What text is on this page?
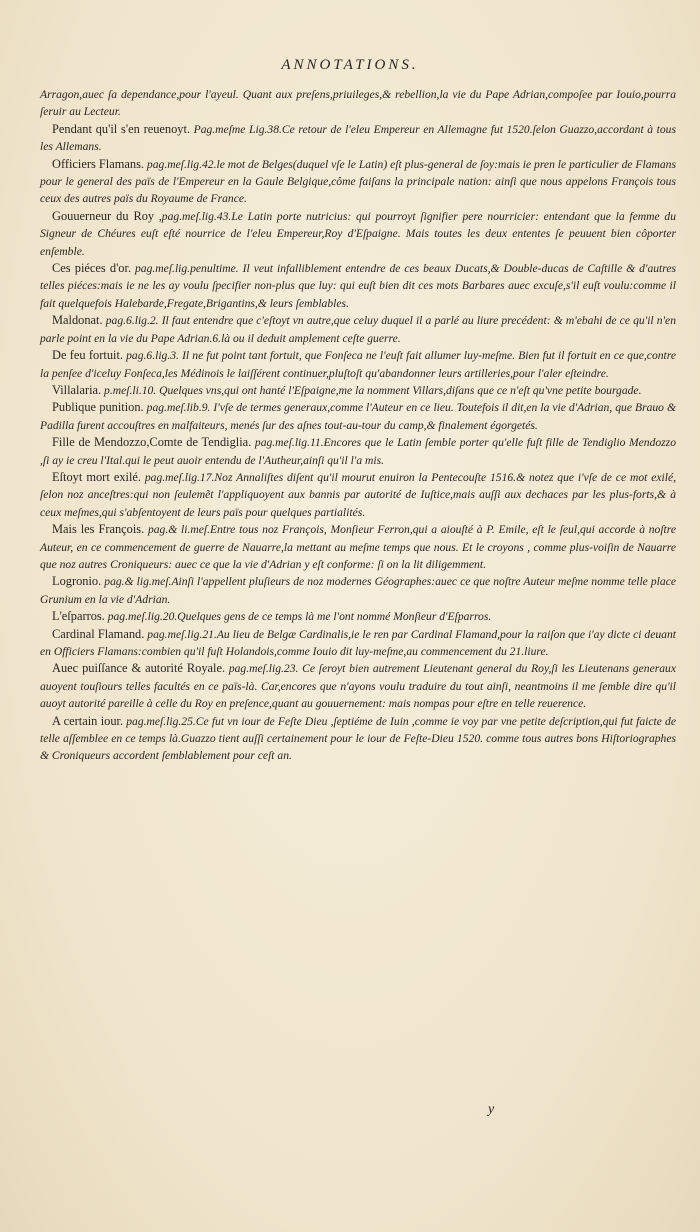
ANNOTATIONS.

Arragon,auec ſa dependance,pour l'ayeul. Quant aux preſens,priuileges,& rebellion,la vie du Pape Adrian,compoſee par Iouio,pourra ſeruir au Lecteur.

Pendant qu'il s'en reuenoyt. Pag.meſme Lig.38.Ce retour de l'eleu Empereur en Allemagne fut 1520.ſelon Guazzo,accordant à tous les Allemans.

Officiers Flamans. pag.meſ.lig.42.le mot de Belges(duquel vſe le Latin) eſt plus-general de ſoy:mais ie pren le particulier de Flamans pour le general des païs de l'Empereur en la Gaule Belgique,côme faiſans la principale nation: ainſi que nous appelons François tous ceux des autres païs du Royaume de France.

Gouuerneur du Roy ,pag.meſ.lig.43.Le Latin porte nutricius: qui pourroyt ſignifier pere nourricier: entendant que la femme du Signeur de Chéures euſt eſté nourrice de l'eleu Empereur,Roy d'Eſpaigne. Mais toutes les deux ententes ſe peuuent bien côporter enſemble.

Ces piéces d'or. pag.meſ.lig.penultime. Il veut infalliblement entendre de ces beaux Ducats,& Double-ducas de Caſtille & d'autres telles piéces:mais ie ne les ay voulu ſpecifier non-plus que luy: qui euſt bien dit ces mots Barbares auec excuſe,s'il euſt voulu:comme il fait quelquefois Halebarde,Fregate,Brigantins,& leurs ſemblables.

Maldonat. pag.6.lig.2. Il faut entendre que c'eſtoyt vn autre,que celuy duquel il a parlé au liure precédent: & m'ebahi de ce qu'il n'en parle point en la vie du Pape Adrian.6.là ou il deduit amplement ceſte guerre.

De feu fortuit. pag.6.lig.3. Il ne fut point tant fortuit, que Fonſeca ne l'euſt fait allumer luy-meſme. Bien fut il fortuit en ce que,contre la penſee d'iceluy Fonſeca,les Médinois le laiſſérent continuer,pluſtoſt qu'abandonner leurs artilleries,pour l'aler eſteindre.

Villalaria. p.meſ.li.10. Quelques vns,qui ont hanté l'Eſpaigne,me la nomment Villars,diſans que ce n'eſt qu'vne petite bourgade.

Publique punition. pag.meſ.lib.9. I'vſe de termes generaux,comme l'Auteur en ce lieu. Toutefois il dit,en la vie d'Adrian, que Brauo & Padilla furent accouſtres en malfaiteurs, menés ſur des aſnes tout-au-tour du camp,& finalement égorgetés.

Fille de Mendozzo,Comte de Tendiglia. pag.meſ.lig.11.Encores que le Latin ſemble porter qu'elle fuſt fille de Tendiglio Mendozzo ,ſi ay ie creu l'Ital.qui le peut auoir entendu de l'Autheur,ainſi qu'il l'a mis.

Eſtoyt mort exilé. pag.meſ.lig.17.Noz Annaliſtes diſent qu'il mourut enuiron la Pentecouſte 1516.& notez que i'vſe de ce mot exilé, ſelon noz anceſtres:qui non ſeulemẽt l'appliquoyent aux bannis par autorité de Iuſtice,mais auſſi aux dechaces par les plus-forts,& à ceux meſmes,qui s'abſentoyent de leurs païs pour quelques partialités.

Mais les François. pag.& li.meſ.Entre tous noz François, Monſieur Ferron,qui a aiouſté à P. Emile, eſt le ſeul,qui accorde à noſtre Auteur, en ce commencement de guerre de Nauarre,la mettant au meſme temps que nous. Et le croyons , comme plus-voiſin de Nauarre que noz autres Croniqueurs: auec ce que la vie d'Adrian y eſt conforme: ſi on la lit diligemment.

Logronio. pag.& lig.meſ.Ainſi l'appellent pluſieurs de noz modernes Géographes:auec ce que noſtre Auteur meſme nomme telle place Grunium en la vie d'Adrian.

L'eſparros. pag.meſ.lig.20.Quelques gens de ce temps là me l'ont nommé Monſieur d'Eſparros.

Cardinal Flamand. pag.meſ.lig.21.Au lieu de Belgæ Cardinalis,ie le ren par Cardinal Flamand,pour la raiſon que i'ay dicte ci deuant en Officiers Flamans:combien qu'il fuſt Holandois,comme Iouio dit luy-meſme,au commencement du 21.liure.

Auec puiſſance & autorité Royale. pag.meſ.lig.23. Ce ſeroyt bien autrement Lieutenant general du Roy,ſi les Lieutenans generaux auoyent touſiours telles facultés en ce païs-là. Car,encores que n'ayons voulu traduire du tout ainſi, neantmoins il me ſemble dire qu'il auoyt autorité pareille à celle du Roy en preſence,quant au gouuernement: mais nompas pour eſtre en telle reuerence.

A certain iour. pag.meſ.lig.25.Ce fut vn iour de Feſte Dieu ,ſeptiéme de Iuin ,comme ie voy par vne petite deſcription,qui fut faicte de telle aſſemblee en ce temps là.Guazzo tient auſſi certainement pour le iour de Feſte-Dieu 1520. comme tous autres bons Hiſtoriographes & Croniqueurs accordent ſemblablement pour ceſt an.

y
